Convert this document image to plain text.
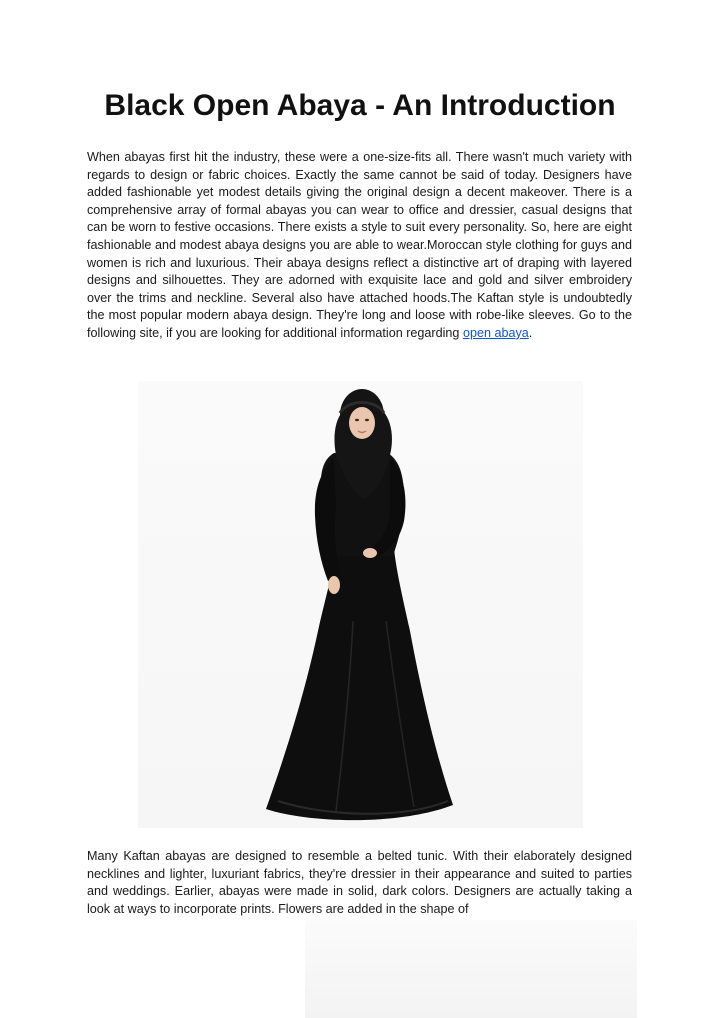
Black Open Abaya - An Introduction

When abayas first hit the industry, these were a one-size-fits all. There wasn't much variety with regards to design or fabric choices. Exactly the same cannot be said of today. Designers have added fashionable yet modest details giving the original design a decent makeover. There is a comprehensive array of formal abayas you can wear to office and dressier, casual designs that can be worn to festive occasions. There exists a style to suit every personality. So, here are eight fashionable and modest abaya designs you are able to wear.Moroccan style clothing for guys and women is rich and luxurious. Their abaya designs reflect a distinctive art of draping with layered designs and silhouettes. They are adorned with exquisite lace and gold and silver embroidery over the trims and neckline. Several also have attached hoods.The Kaftan style is undoubtedly the most popular modern abaya design. They're long and loose with robe-like sleeves. Go to the following site, if you are looking for additional information regarding open abaya.

Many Kaftan abayas are designed to resemble a belted tunic. With their elaborately designed necklines and lighter, luxuriant fabrics, they're dressier in their appearance and suited to parties and weddings. Earlier, abayas were made in solid, dark colors. Designers are actually taking a look at ways to incorporate prints. Flowers are added in the shape of
